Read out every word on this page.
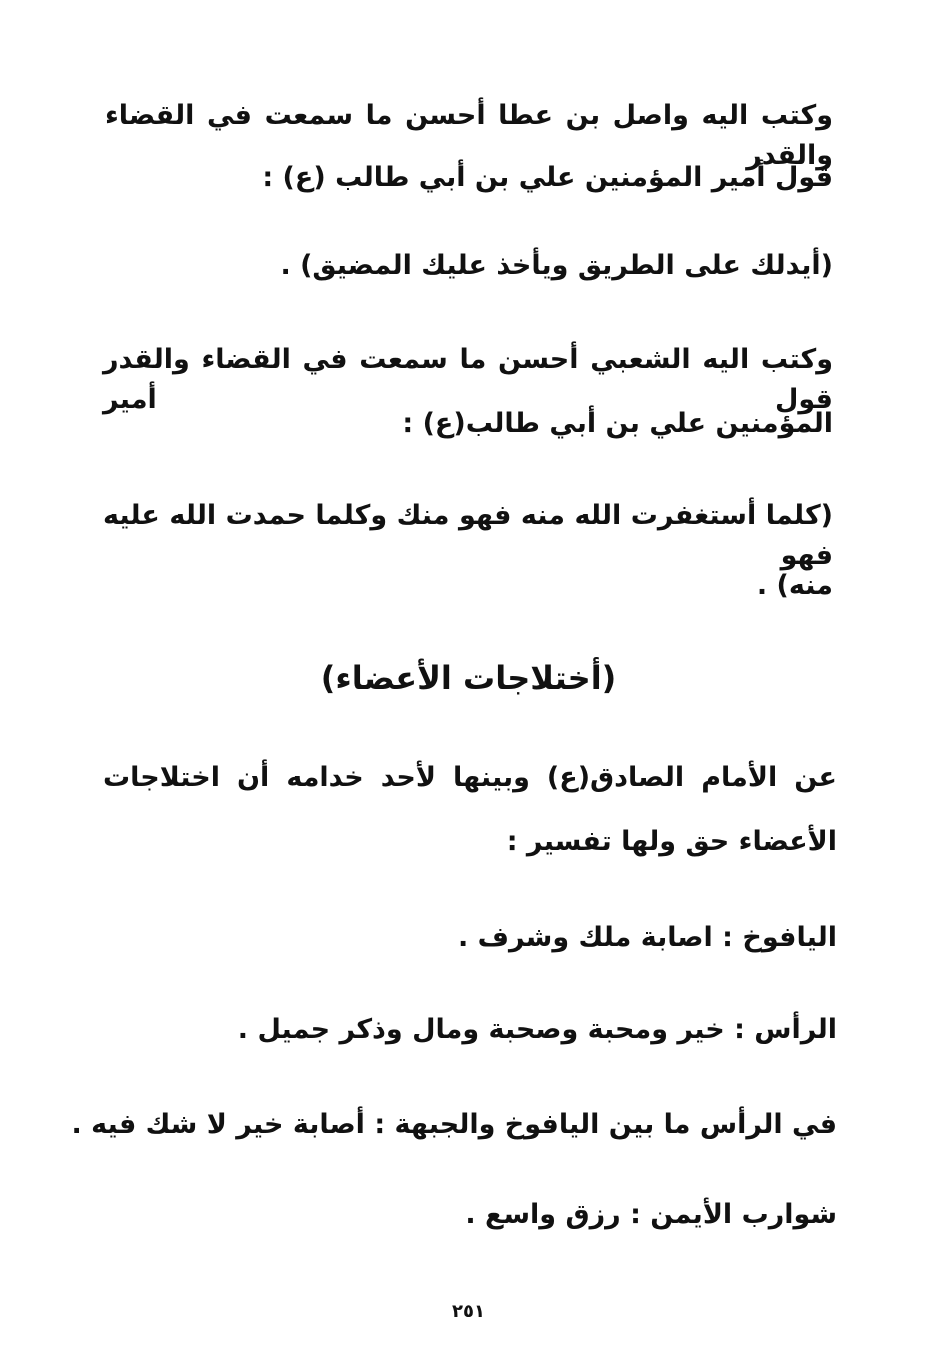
وكتب اليه واصل بن عطا أحسن ما سمعت في القضاء والقدر
قول أمير المؤمنين علي بن أبي طالب (ع) :
(أيدلك على الطريق ويأخذ عليك المضيق) .
وكتب اليه الشعبي أحسن ما سمعت في القضاء والقدر قول أمير
المؤمنين علي بن أبي طالب(ع) :
(كلما أستغفرت الله منه فهو منك وكلما حمدت الله عليه فهو
منه) .
(أختلاجات الأعضاء)
عن الأمام الصادق(ع) وبينها لأحد خدامه أن اختلاجات
الأعضاء حق ولها تفسير :
اليافوخ : اصابة ملك وشرف .
الرأس : خير ومحبة وصحبة ومال وذكر جميل .
في الرأس ما بين اليافوخ والجبهة : أصابة خير لا شك فيه .
شوارب الأيمن : رزق واسع .
٢٥١
